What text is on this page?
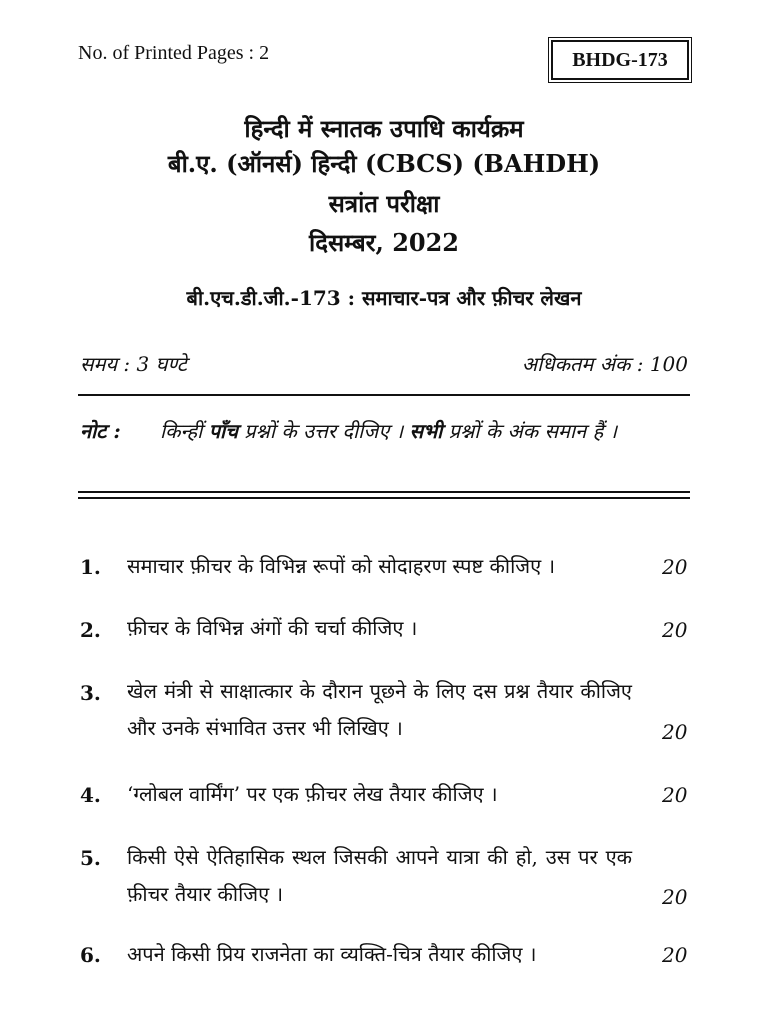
No. of Printed Pages : 2	BHDG-173
हिन्दी में स्नातक उपाधि कार्यक्रम
बी.ए. (ऑनर्स) हिन्दी (CBCS) (BAHDH)
सत्रांत परीक्षा
दिसम्बर, 2022
बी.एच.डी.जी.-173 : समाचार-पत्र और फ़ीचर लेखन
समय : 3 घण्टे	अधिकतम अंक : 100
नोट : किन्हीं पाँच प्रश्नों के उत्तर दीजिए । सभी प्रश्नों के अंक समान हैं ।
1. समाचार फ़ीचर के विभिन्न रूपों को सोदाहरण स्पष्ट कीजिए ।	20
2. फ़ीचर के विभिन्न अंगों की चर्चा कीजिए ।	20
3. खेल मंत्री से साक्षात्कार के दौरान पूछने के लिए दस प्रश्न तैयार कीजिए और उनके संभावित उत्तर भी लिखिए ।	20
4. ‘ग्लोबल वार्मिंग’ पर एक फ़ीचर लेख तैयार कीजिए ।	20
5. किसी ऐसे ऐतिहासिक स्थल जिसकी आपने यात्रा की हो, उस पर एक फ़ीचर तैयार कीजिए ।	20
6. अपने किसी प्रिय राजनेता का व्यक्ति-चित्र तैयार कीजिए ।	20
